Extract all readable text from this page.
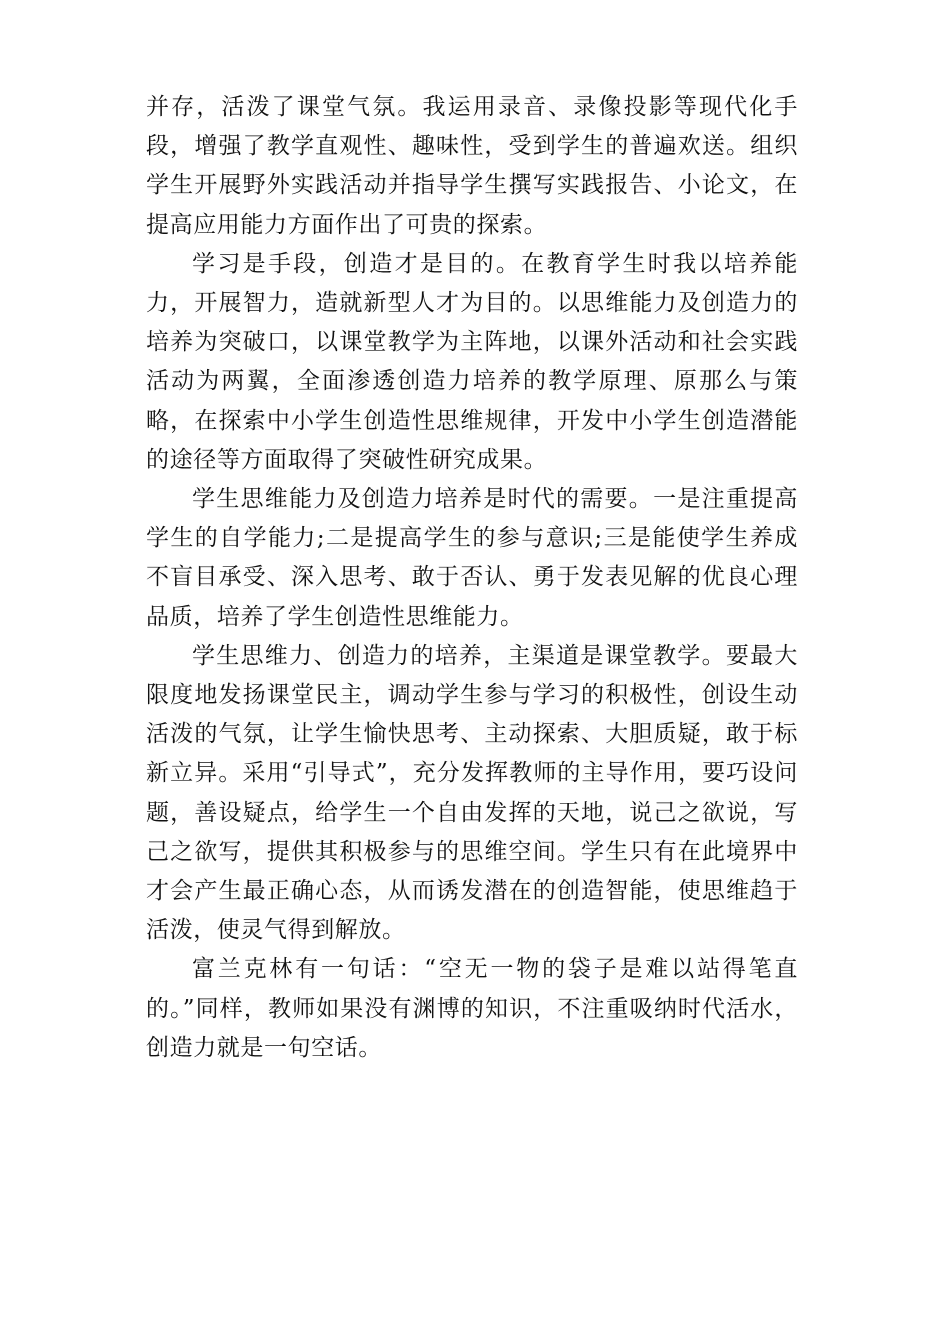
并存，活泼了课堂气氛。我运用录音、录像投影等现代化手段，增强了教学直观性、趣味性，受到学生的普遍欢送。组织学生开展野外实践活动并指导学生撰写实践报告、小论文，在提高应用能力方面作出了可贵的探索。

学习是手段，创造才是目的。在教育学生时我以培养能力，开展智力，造就新型人才为目的。以思维能力及创造力的培养为突破口，以课堂教学为主阵地，以课外活动和社会实践活动为两翼，全面渗透创造力培养的教学原理、原那么与策略，在探索中小学生创造性思维规律，开发中小学生创造潜能的途径等方面取得了突破性研究成果。

学生思维能力及创造力培养是时代的需要。一是注重提高学生的自学能力;二是提高学生的参与意识;三是能使学生养成不盲目承受、深入思考、敢于否认、勇于发表见解的优良心理品质，培养了学生创造性思维能力。

学生思维力、创造力的培养，主渠道是课堂教学。要最大限度地发扬课堂民主，调动学生参与学习的积极性，创设生动活泼的气氛，让学生愉快思考、主动探索、大胆质疑，敢于标新立异。采用“引导式”，充分发挥教师的主导作用，要巧设问题，善设疑点，给学生一个自由发挥的天地，说己之欲说，写己之欲写，提供其积极参与的思维空间。学生只有在此境界中才会产生最正确心态，从而诱发潜在的创造智能，使思维趋于活泼，使灵气得到解放。

富兰克林有一句话：“空无一物的袋子是难以站得笔直的。”同样，教师如果没有渊博的知识，不注重吸纳时代活水，创造力就是一句空话。
